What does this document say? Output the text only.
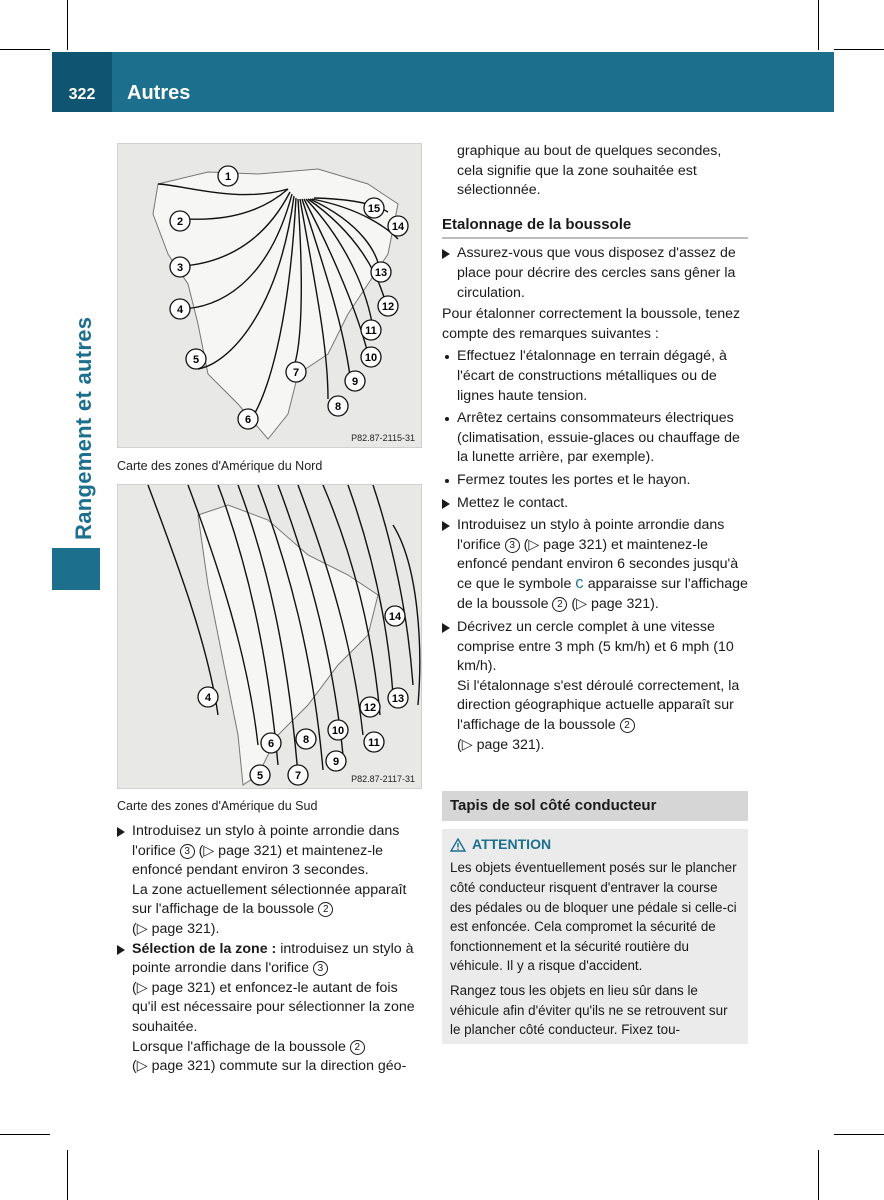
322	Autres
Rangement et autres
1
2
3
4
5
6
7
8
9
10
11
12
13
14
15
P82.87-2115-31
Carte des zones d'Amérique du Nord
4
5
6
7
8
9
10
11
12
13
14
P82.87-2117-31
Carte des zones d'Amérique du Sud
Introduisez un stylo à pointe arrondie dans l'orifice 3 (▷ page 321) et maintenez-le enfoncé pendant environ 3 secondes.
La zone actuellement sélectionnée apparaît sur l'affichage de la boussole 2
(▷ page 321).
Sélection de la zone : introduisez un stylo à pointe arrondie dans l'orifice 3
(▷ page 321) et enfoncez-le autant de fois qu'il est nécessaire pour sélectionner la zone souhaitée.
Lorsque l'affichage de la boussole 2
(▷ page 321) commute sur la direction géo-

graphique au bout de quelques secondes, cela signifie que la zone souhaitée est sélectionnée.

Etalonnage de la boussole
Assurez-vous que vous disposez d'assez de place pour décrire des cercles sans gêner la circulation.

Pour étalonner correctement la boussole, tenez compte des remarques suivantes :

Effectuez l'étalonnage en terrain dégagé, à l'écart de constructions métalliques ou de lignes haute tension.
Arrêtez certains consommateurs électriques (climatisation, essuie-glaces ou chauffage de la lunette arrière, par exemple).
Fermez toutes les portes et le hayon.
Mettez le contact.
Introduisez un stylo à pointe arrondie dans l'orifice 3 (▷ page 321) et maintenez-le enfoncé pendant environ 6 secondes jusqu'à ce que le symbole C apparaisse sur l'affichage de la boussole 2 (▷ page 321).
Décrivez un cercle complet à une vitesse comprise entre 3 mph (5 km/h) et 6 mph (10 km/h).
Si l'étalonnage s'est déroulé correctement, la direction géographique actuelle apparaît sur l'affichage de la boussole 2
(▷ page 321).
Tapis de sol côté conducteur
ATTENTION

Les objets éventuellement posés sur le plancher côté conducteur risquent d'entraver la course des pédales ou de bloquer une pédale si celle-ci est enfoncée. Cela compromet la sécurité de fonctionnement et la sécurité routière du véhicule. Il y a risque d'accident.

Rangez tous les objets en lieu sûr dans le véhicule afin d'éviter qu'ils ne se retrouvent sur le plancher côté conducteur. Fixez tou-
